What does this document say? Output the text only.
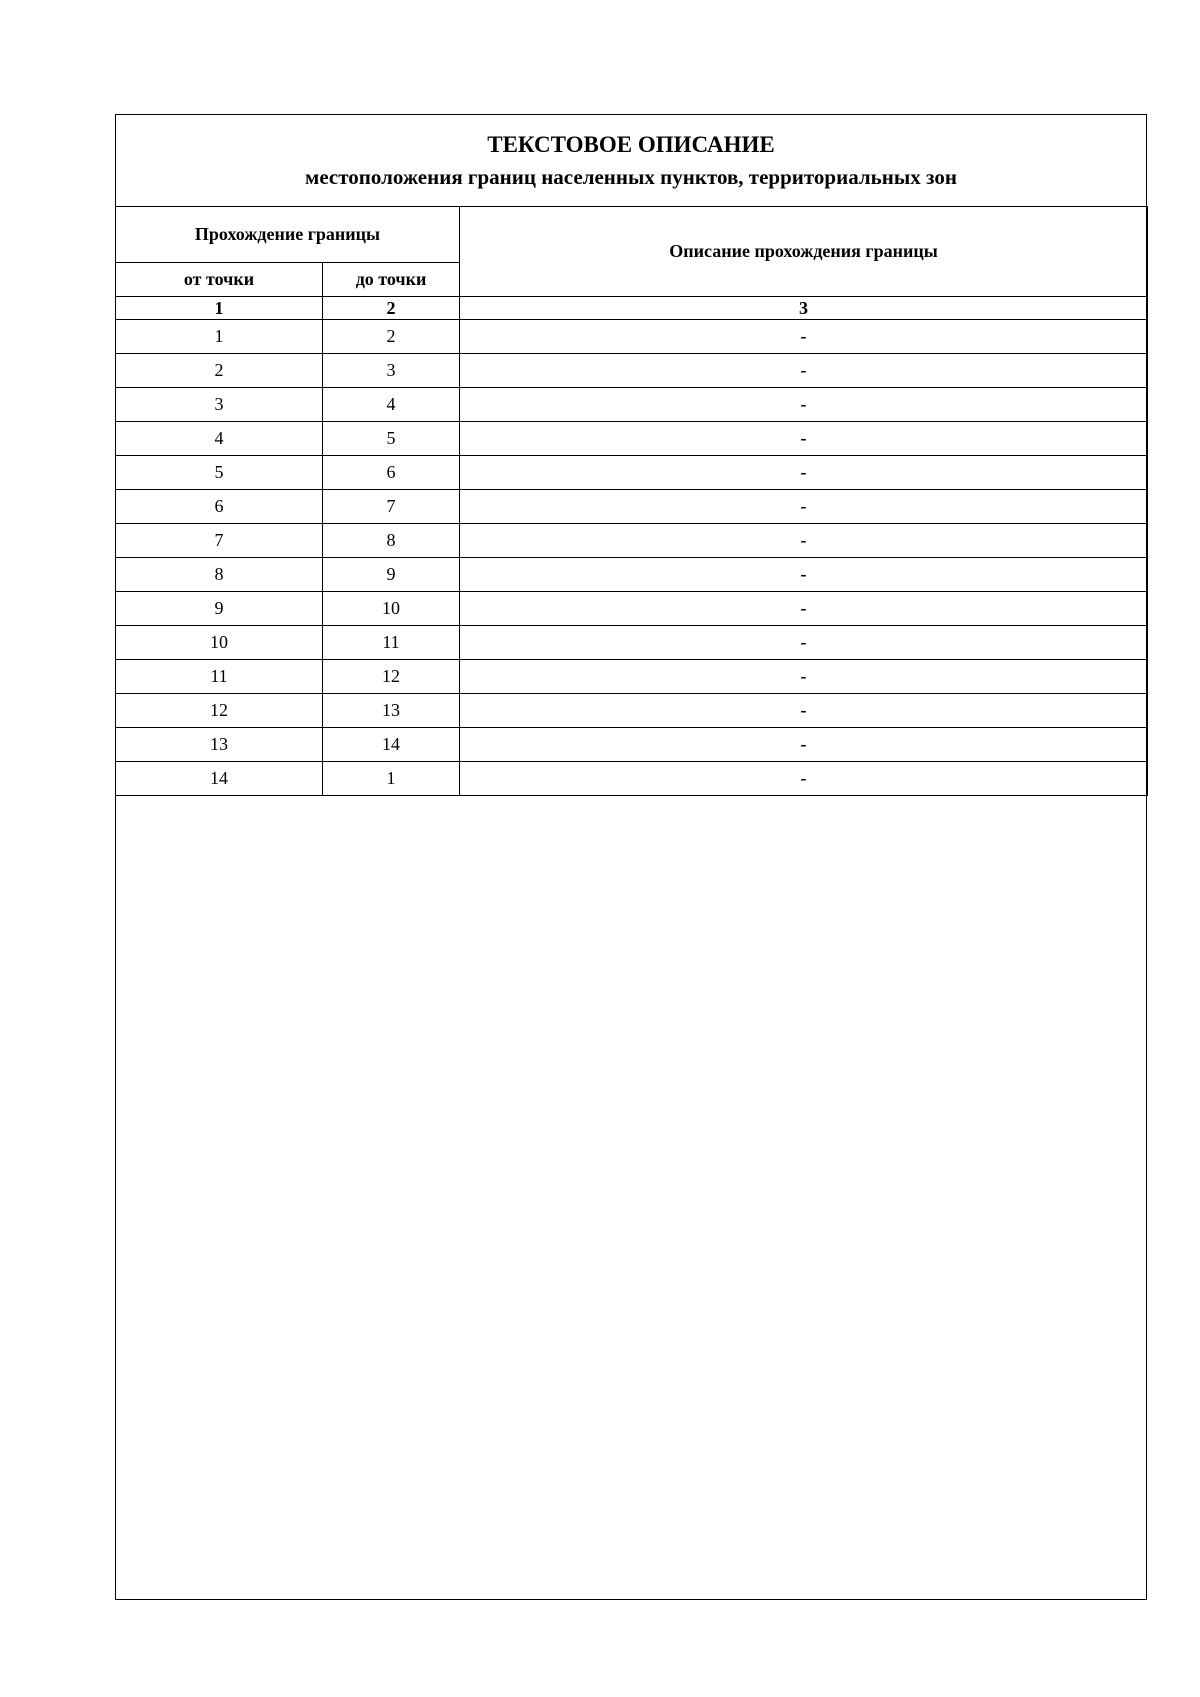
ТЕКСТОВОЕ ОПИСАНИЕ
местоположения границ населенных пунктов, территориальных зон
Прохождение границы		Описание прохождения границы
от точки	до точки	
1	2	3
1	2	-
2	3	-
3	4	-
4	5	-
5	6	-
6	7	-
7	8	-
8	9	-
9	10	-
10	11	-
11	12	-
12	13	-
13	14	-
14	1	-
